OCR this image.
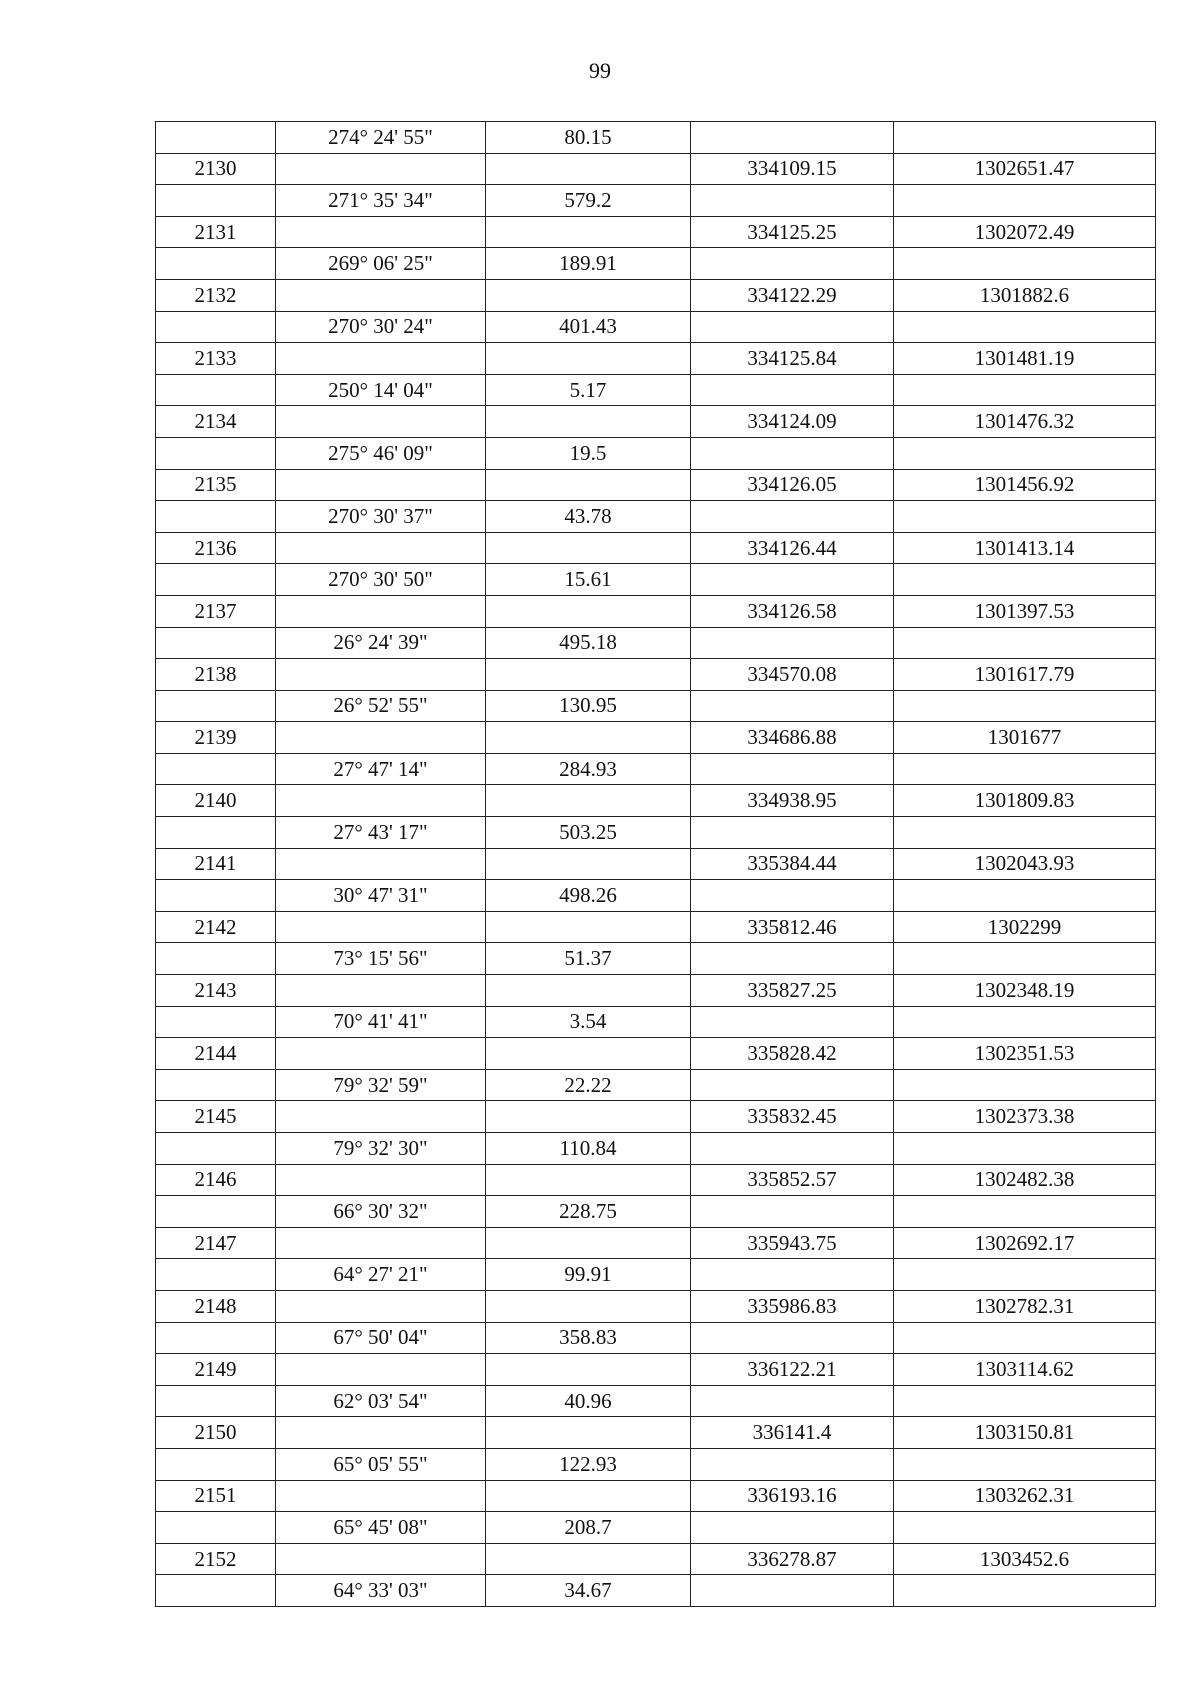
99
	274° 24' 55"	80.15		
2130			334109.15	1302651.47
	271° 35' 34"	579.2		
2131			334125.25	1302072.49
	269° 06' 25"	189.91		
2132			334122.29	1301882.6
	270° 30' 24"	401.43		
2133			334125.84	1301481.19
	250° 14' 04"	5.17		
2134			334124.09	1301476.32
	275° 46' 09"	19.5		
2135			334126.05	1301456.92
	270° 30' 37"	43.78		
2136			334126.44	1301413.14
	270° 30' 50"	15.61		
2137			334126.58	1301397.53
	26° 24' 39"	495.18		
2138			334570.08	1301617.79
	26° 52' 55"	130.95		
2139			334686.88	1301677
	27° 47' 14"	284.93		
2140			334938.95	1301809.83
	27° 43' 17"	503.25		
2141			335384.44	1302043.93
	30° 47' 31"	498.26		
2142			335812.46	1302299
	73° 15' 56"	51.37		
2143			335827.25	1302348.19
	70° 41' 41"	3.54		
2144			335828.42	1302351.53
	79° 32' 59"	22.22		
2145			335832.45	1302373.38
	79° 32' 30"	110.84		
2146			335852.57	1302482.38
	66° 30' 32"	228.75		
2147			335943.75	1302692.17
	64° 27' 21"	99.91		
2148			335986.83	1302782.31
	67° 50' 04"	358.83		
2149			336122.21	1303114.62
	62° 03' 54"	40.96		
2150			336141.4	1303150.81
	65° 05' 55"	122.93		
2151			336193.16	1303262.31
	65° 45' 08"	208.7		
2152			336278.87	1303452.6
	64° 33' 03"	34.67		
